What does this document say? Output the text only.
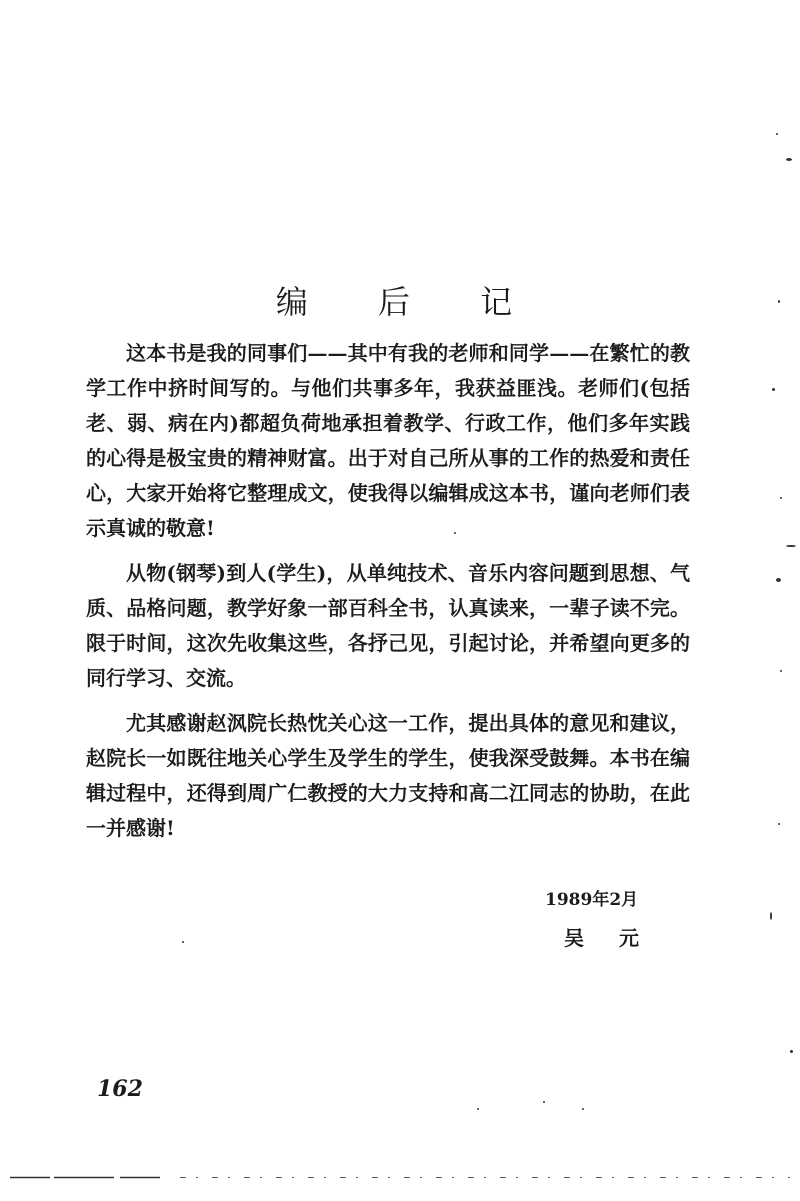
编 后 记

这本书是我的同事们——其中有我的老师和同学——在繁忙的教学工作中挤时间写的。与他们共事多年，我获益匪浅。老师们(包括老、弱、病在内)都超负荷地承担着教学、行政工作，他们多年实践的心得是极宝贵的精神财富。出于对自己所从事的工作的热爱和责任心，大家开始将它整理成文，使我得以编辑成这本书，谨向老师们表示真诚的敬意!

从物(钢琴)到人(学生)，从单纯技术、音乐内容问题到思想、气质、品格问题，教学好象一部百科全书，认真读来，一辈子读不完。限于时间，这次先收集这些，各抒己见，引起讨论，并希望向更多的同行学习、交流。

尤其感谢赵沨院长热忱关心这一工作，提出具体的意见和建议，赵院长一如既往地关心学生及学生的学生，使我深受鼓舞。本书在编辑过程中，还得到周广仁教授的大力支持和高二江同志的协助，在此一并感谢!

1989年2月
吴 元
162
